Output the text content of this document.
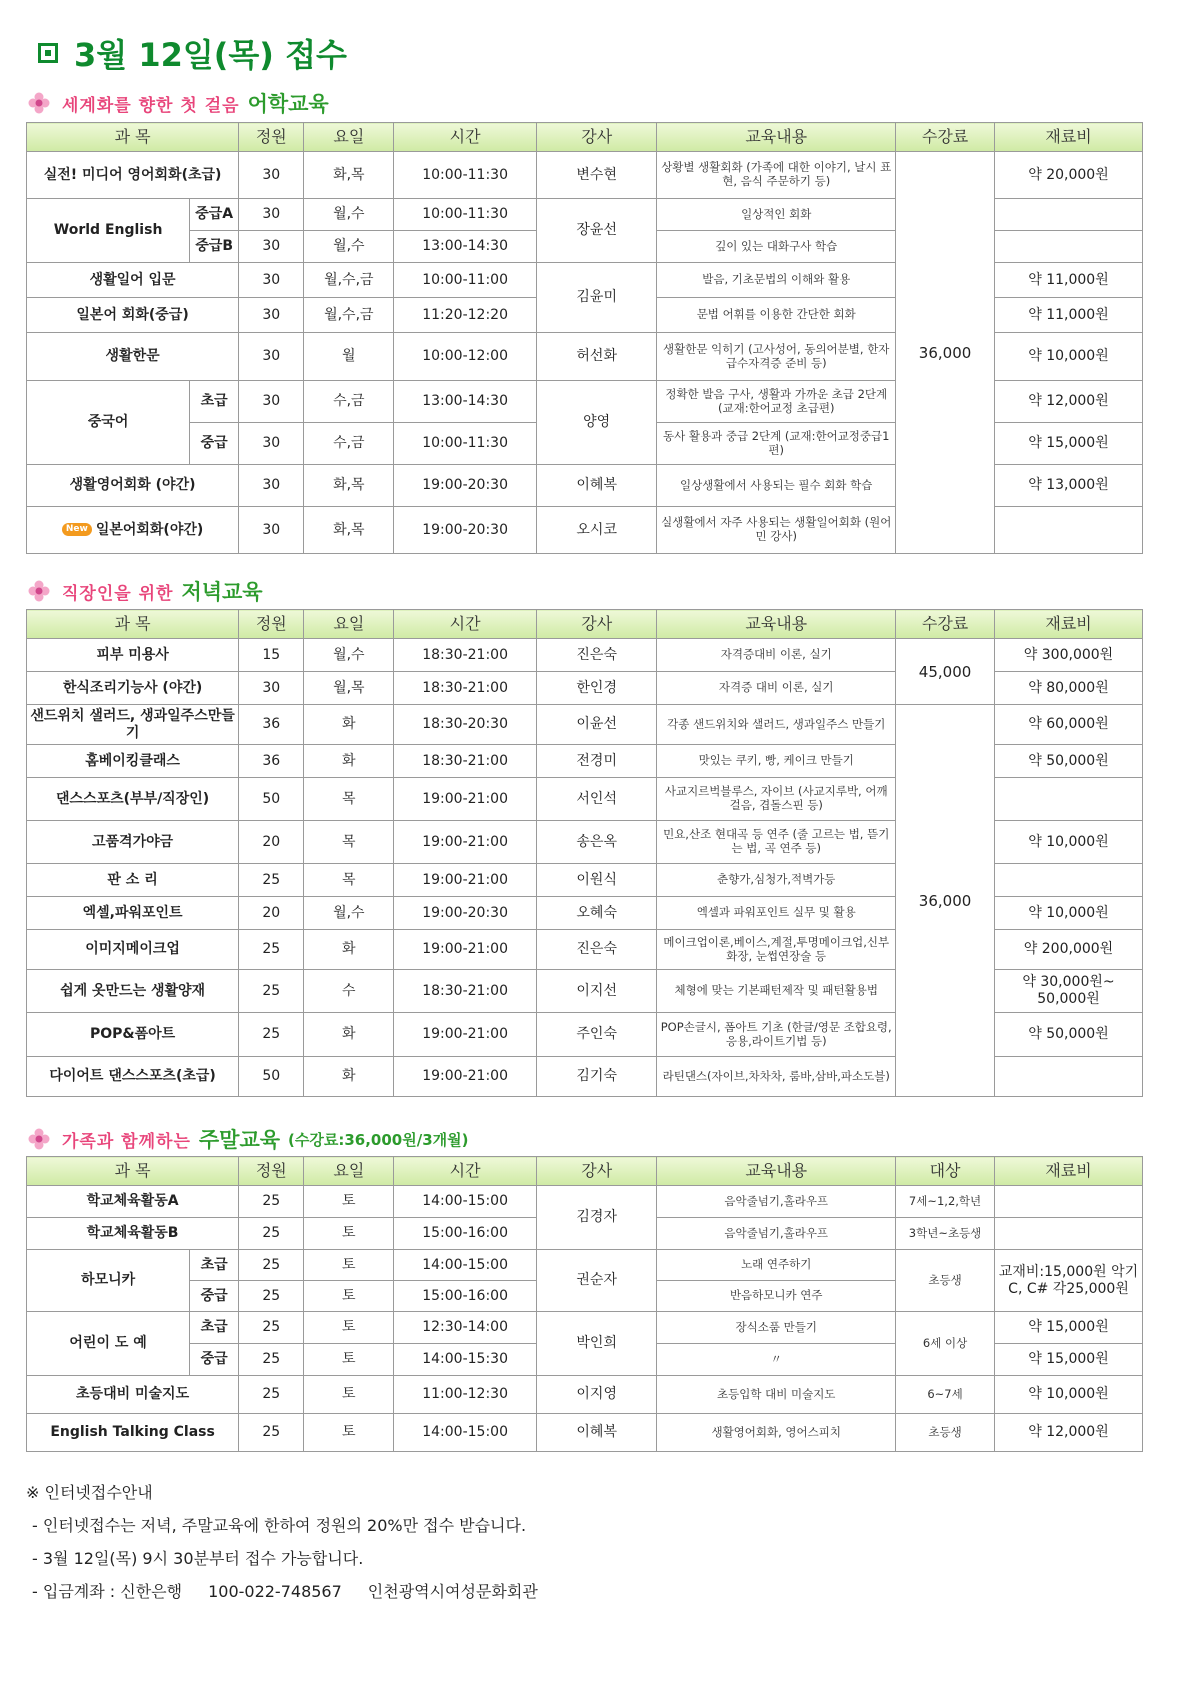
3월 12일(목) 접수
세계화를 향한 첫 걸음 어학교육
과 목		정원	요일	시간	강사	교육내용	수강료	재료비
실전! 미디어 영어회화(초급)		30	화,목	10:00-11:30	변수현	상황별 생활회화 (가족에 대한 이야기, 날시 표현, 음식 주문하기 등)	36,000	약 20,000원
World English	중급A	30	월,수	10:00-11:30	장윤선	일상적인 회화		
	중급B	30	월,수	13:00-14:30		깊이 있는 대화구사 학습		
생활일어 입문		30	월,수,금	10:00-11:00	김윤미	발음, 기초문법의 이해와 활용		약 11,000원
일본어 회화(중급)		30	월,수,금	11:20-12:20		문법 어휘를 이용한 간단한 회화		약 11,000원
생활한문		30	월	10:00-12:00	허선화	생활한문 익히기 (고사성어, 동의어분별, 한자급수자격증 준비 등)		약 10,000원
중국어	초급	30	수,금	13:00-14:30	양영	정확한 발음 구사, 생활과 가까운 초급 2단계(교재:한어교정 초급편)		약 12,000원
	중급	30	수,금	10:00-11:30		동사 활용과 중급 2단계 (교재:한어교정중급1편)		약 15,000원
생활영어회화 (야간)		30	화,목	19:00-20:30	이혜복	일상생활에서 사용되는 필수 회화 학습		약 13,000원
New 일본어회화(야간)		30	화,목	19:00-20:30	오시코	실생활에서 자주 사용되는 생활일어회화 (원어민 강사)		
직장인을 위한 저녁교육
과 목	정원	요일	시간	강사	교육내용	수강료	재료비
피부 미용사	15	월,수	18:30-21:00	진은숙	자격증대비 이론, 실기	45,000	약 300,000원
한식조리기능사 (야간)	30	월,목	18:30-21:00	한인경	자격증 대비 이론, 실기		약 80,000원
샌드위치 샐러드, 생과일주스만들기	36	화	18:30-20:30	이윤선	각종 샌드위치와 샐러드, 생과일주스 만들기	36,000	약 60,000원
홈베이킹클래스	36	화	18:30-21:00	전경미	맛있는 쿠키, 빵, 케이크 만들기		약 50,000원
댄스스포츠(부부/직장인)	50	목	19:00-21:00	서인석	사교지르벅블루스, 자이브 (사교지루박, 어깨걸음, 겹돌스핀 등)		
고품격가야금	20	목	19:00-21:00	송은옥	민요,산조 현대곡 등 연주 (줄 고르는 법, 뜯기는 법, 곡 연주 등)		약 10,000원
판 소 리	25	목	19:00-21:00	이원식	춘향가,심청가,적벽가등		
엑셀,파워포인트	20	월,수	19:00-20:30	오혜숙	엑셀과 파워포인트 실무 및 활용		약 10,000원
이미지메이크업	25	화	19:00-21:00	진은숙	메이크업이론,베이스,계절,투명메이크업,신부화장, 눈썹연장술 등		약 200,000원
쉽게 옷만드는 생활양재	25	수	18:30-21:00	이지선	체형에 맞는 기본패턴제작 및 패턴활용법		약 30,000원~ 50,000원
POP&폼아트	25	화	19:00-21:00	주인숙	POP손글시, 폼아트 기초 (한글/영문 조합요령, 응용,라이트기법 등)		약 50,000원
다이어트 댄스스포츠(초급)	50	화	19:00-21:00	김기숙	라틴댄스(자이브,차차차, 룸바,삼바,파소도블)		
가족과 함께하는 주말교육 (수강료:36,000원/3개월)
과 목		정원	요일	시간	강사	교육내용	대상	재료비
학교체육활동A		25	토	14:00-15:00	김경자	음악줄넘기,홀라우프	7세~1,2,학년	
학교체육활동B		25	토	15:00-16:00		음악줄넘기,홀라우프	3학년~초등생	
하모니카	초급	25	토	14:00-15:00	권순자	노래 연주하기	초등생	교재비:15,000원 악기 C, C# 각25,000원
	중급	25	토	15:00-16:00		반음하모니카 연주		
어린이 도 예	초급	25	토	12:30-14:00	박인희	장식소품 만들기	6세 이상	약 15,000원
	중급	25	토	14:00-15:30		〃		약 15,000원
초등대비 미술지도		25	토	11:00-12:30	이지영	초등입학 대비 미술지도	6~7세	약 10,000원
English Talking Class		25	토	14:00-15:00	이혜복	생활영어회화, 영어스피치	초등생	약 12,000원

※ 인터넷접수안내

- 인터넷접수는 저녁, 주말교육에 한하여 정원의 20%만 접수 받습니다.

- 3월 12일(목) 9시 30분부터 접수 가능합니다.

- 입금계좌 : 신한은행 100-022-748567 인천광역시여성문화회관
